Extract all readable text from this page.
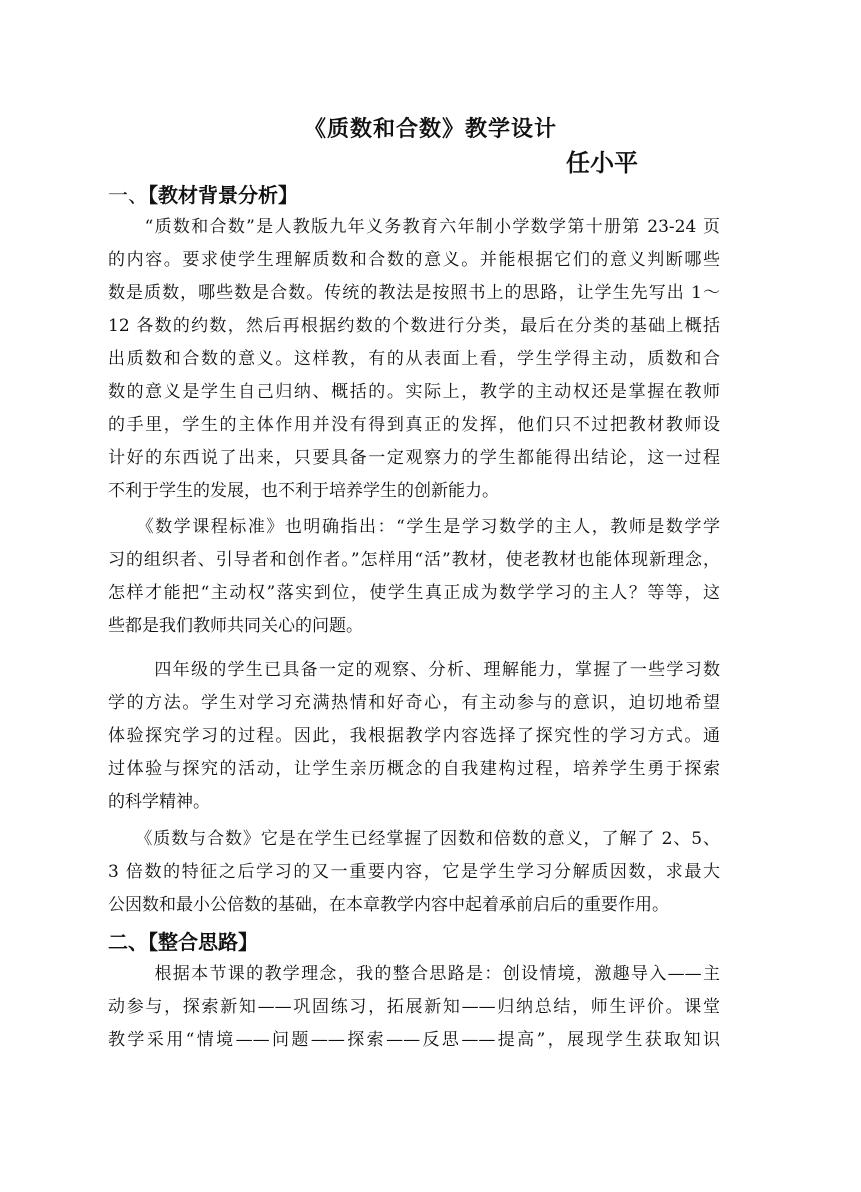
《质数和合数》教学设计
任小平
一、【教材背景分析】
　　“质数和合数”是人教版九年义务教育六年制小学数学第十册第 23-24 页
的内容。要求使学生理解质数和合数的意义。并能根据它们的意义判断哪些
数是质数，哪些数是合数。传统的教法是按照书上的思路，让学生先写出 1～
12 各数的约数，然后再根据约数的个数进行分类，最后在分类的基础上概括
出质数和合数的意义。这样教，有的从表面上看，学生学得主动，质数和合
数的意义是学生自己归纳、概括的。实际上，教学的主动权还是掌握在教师
的手里，学生的主体作用并没有得到真正的发挥，他们只不过把教材教师设
计好的东西说了出来，只要具备一定观察力的学生都能得出结论，这一过程
不利于学生的发展，也不利于培养学生的创新能力。
　　《数学课程标准》也明确指出：“学生是学习数学的主人，教师是数学学
习的组织者、引导者和创作者。”怎样用“活”教材，使老教材也能体现新理念，
怎样才能把“主动权”落实到位，使学生真正成为数学学习的主人？等等，这
些都是我们教师共同关心的问题。
　　 四年级的学生已具备一定的观察、分析、理解能力，掌握了一些学习数
学的方法。学生对学习充满热情和好奇心，有主动参与的意识，迫切地希望
体验探究学习的过程。因此，我根据教学内容选择了探究性的学习方式。通
过体验与探究的活动，让学生亲历概念的自我建构过程，培养学生勇于探索
的科学精神。
　　《质数与合数》它是在学生已经掌握了因数和倍数的意义，了解了 2、5、
3 倍数的特征之后学习的又一重要内容，它是学生学习分解质因数，求最大
公因数和最小公倍数的基础，在本章教学内容中起着承前启后的重要作用。
二、【整合思路】
　　 根据本节课的教学理念，我的整合思路是：创设情境，激趣导入——主
动参与，探索新知——巩固练习，拓展新知——归纳总结，师生评价。课堂
教学采用“情境——问题——探索——反思——提高”，展现学生获取知识
